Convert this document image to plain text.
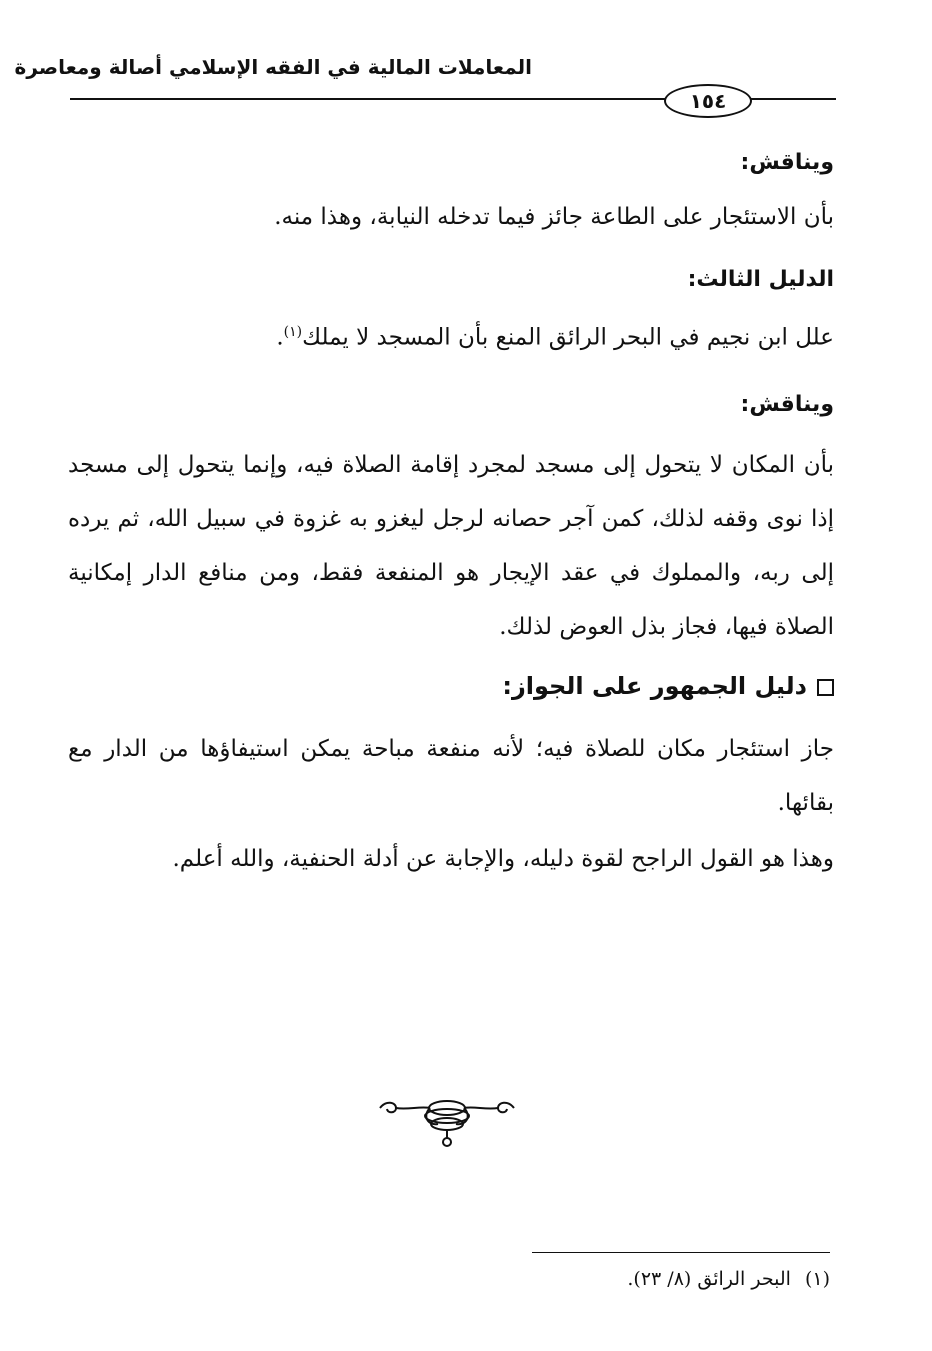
المعاملات المالية في الفقه الإسلامي أصالة ومعاصرة
١٥٤
ويناقش:
بأن الاستئجار على الطاعة جائز فيما تدخله النيابة، وهذا منه.
الدليل الثالث:
علل ابن نجيم في البحر الرائق المنع بأن المسجد لا يملك$^{(١)}$.
ويناقش:
بأن المكان لا يتحول إلى مسجد لمجرد إقامة الصلاة فيه، وإنما يتحول إلى مسجد إذا نوى وقفه لذلك، كمن آجر حصانه لرجل ليغزو به غزوة في سبيل الله، ثم يرده إلى ربه، والمملوك في عقد الإيجار هو المنفعة فقط، ومن منافع الدار إمكانية الصلاة فيها، فجاز بذل العوض لذلك.
دليل الجمهور على الجواز:
جاز استئجار مكان للصلاة فيه؛ لأنه منفعة مباحة يمكن استيفاؤها من الدار مع بقائها.
وهذا هو القول الراجح لقوة دليله، والإجابة عن أدلة الحنفية، والله أعلم.
(١)البحر الرائق (٨/ ٢٣).
